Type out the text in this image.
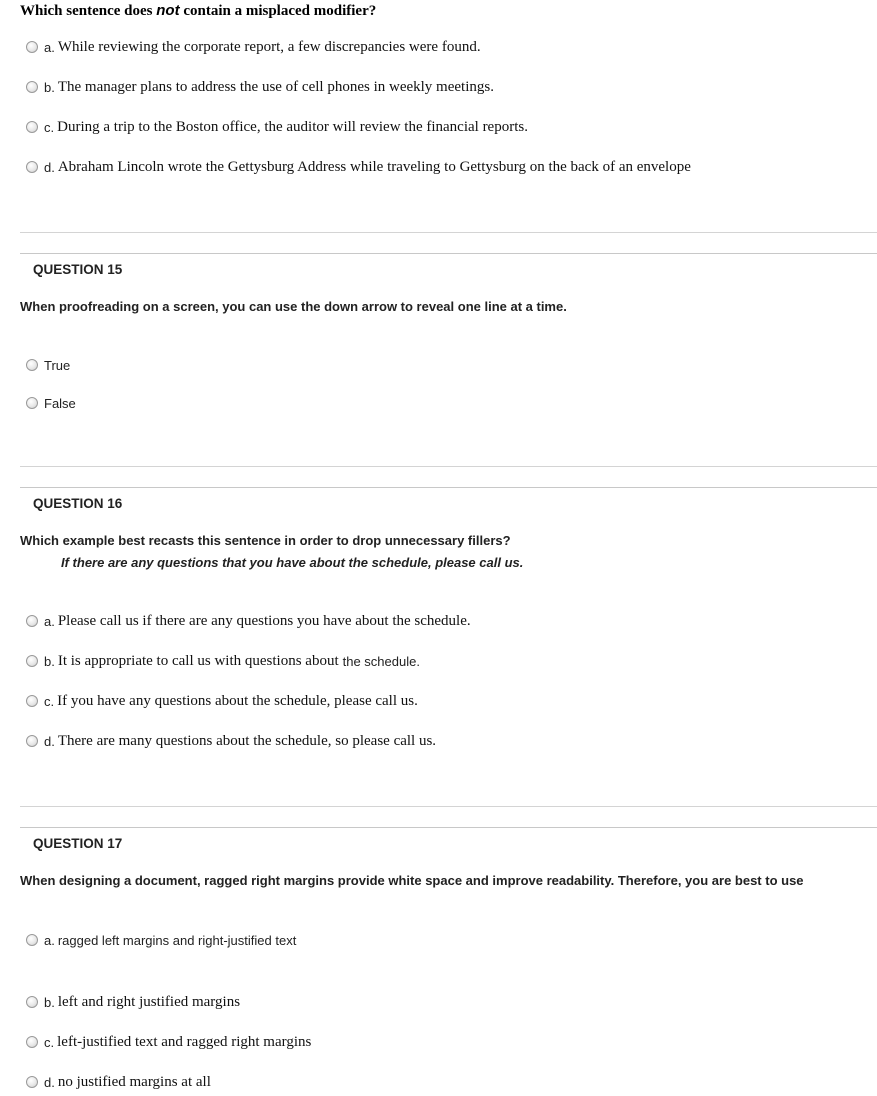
Which sentence does not contain a misplaced modifier?
a. While reviewing the corporate report, a few discrepancies were found.
b. The manager plans to address the use of cell phones in weekly meetings.
c. During a trip to the Boston office, the auditor will review the financial reports.
d. Abraham Lincoln wrote the Gettysburg Address while traveling to Gettysburg on the back of an envelope
QUESTION 15
When proofreading on a screen, you can use the down arrow to reveal one line at a time.
True
False
QUESTION 16
Which example best recasts this sentence in order to drop unnecessary fillers?
If there are any questions that you have about the schedule, please call us.
a. Please call us if there are any questions you have about the schedule.
b. It is appropriate to call us with questions about the schedule.
c. If you have any questions about the schedule, please call us.
d. There are many questions about the schedule, so please call us.
QUESTION 17
When designing a document, ragged right margins provide white space and improve readability. Therefore, you are best to use
a. ragged left margins and right-justified text
b. left and right justified margins
c. left-justified text and ragged right margins
d. no justified margins at all
